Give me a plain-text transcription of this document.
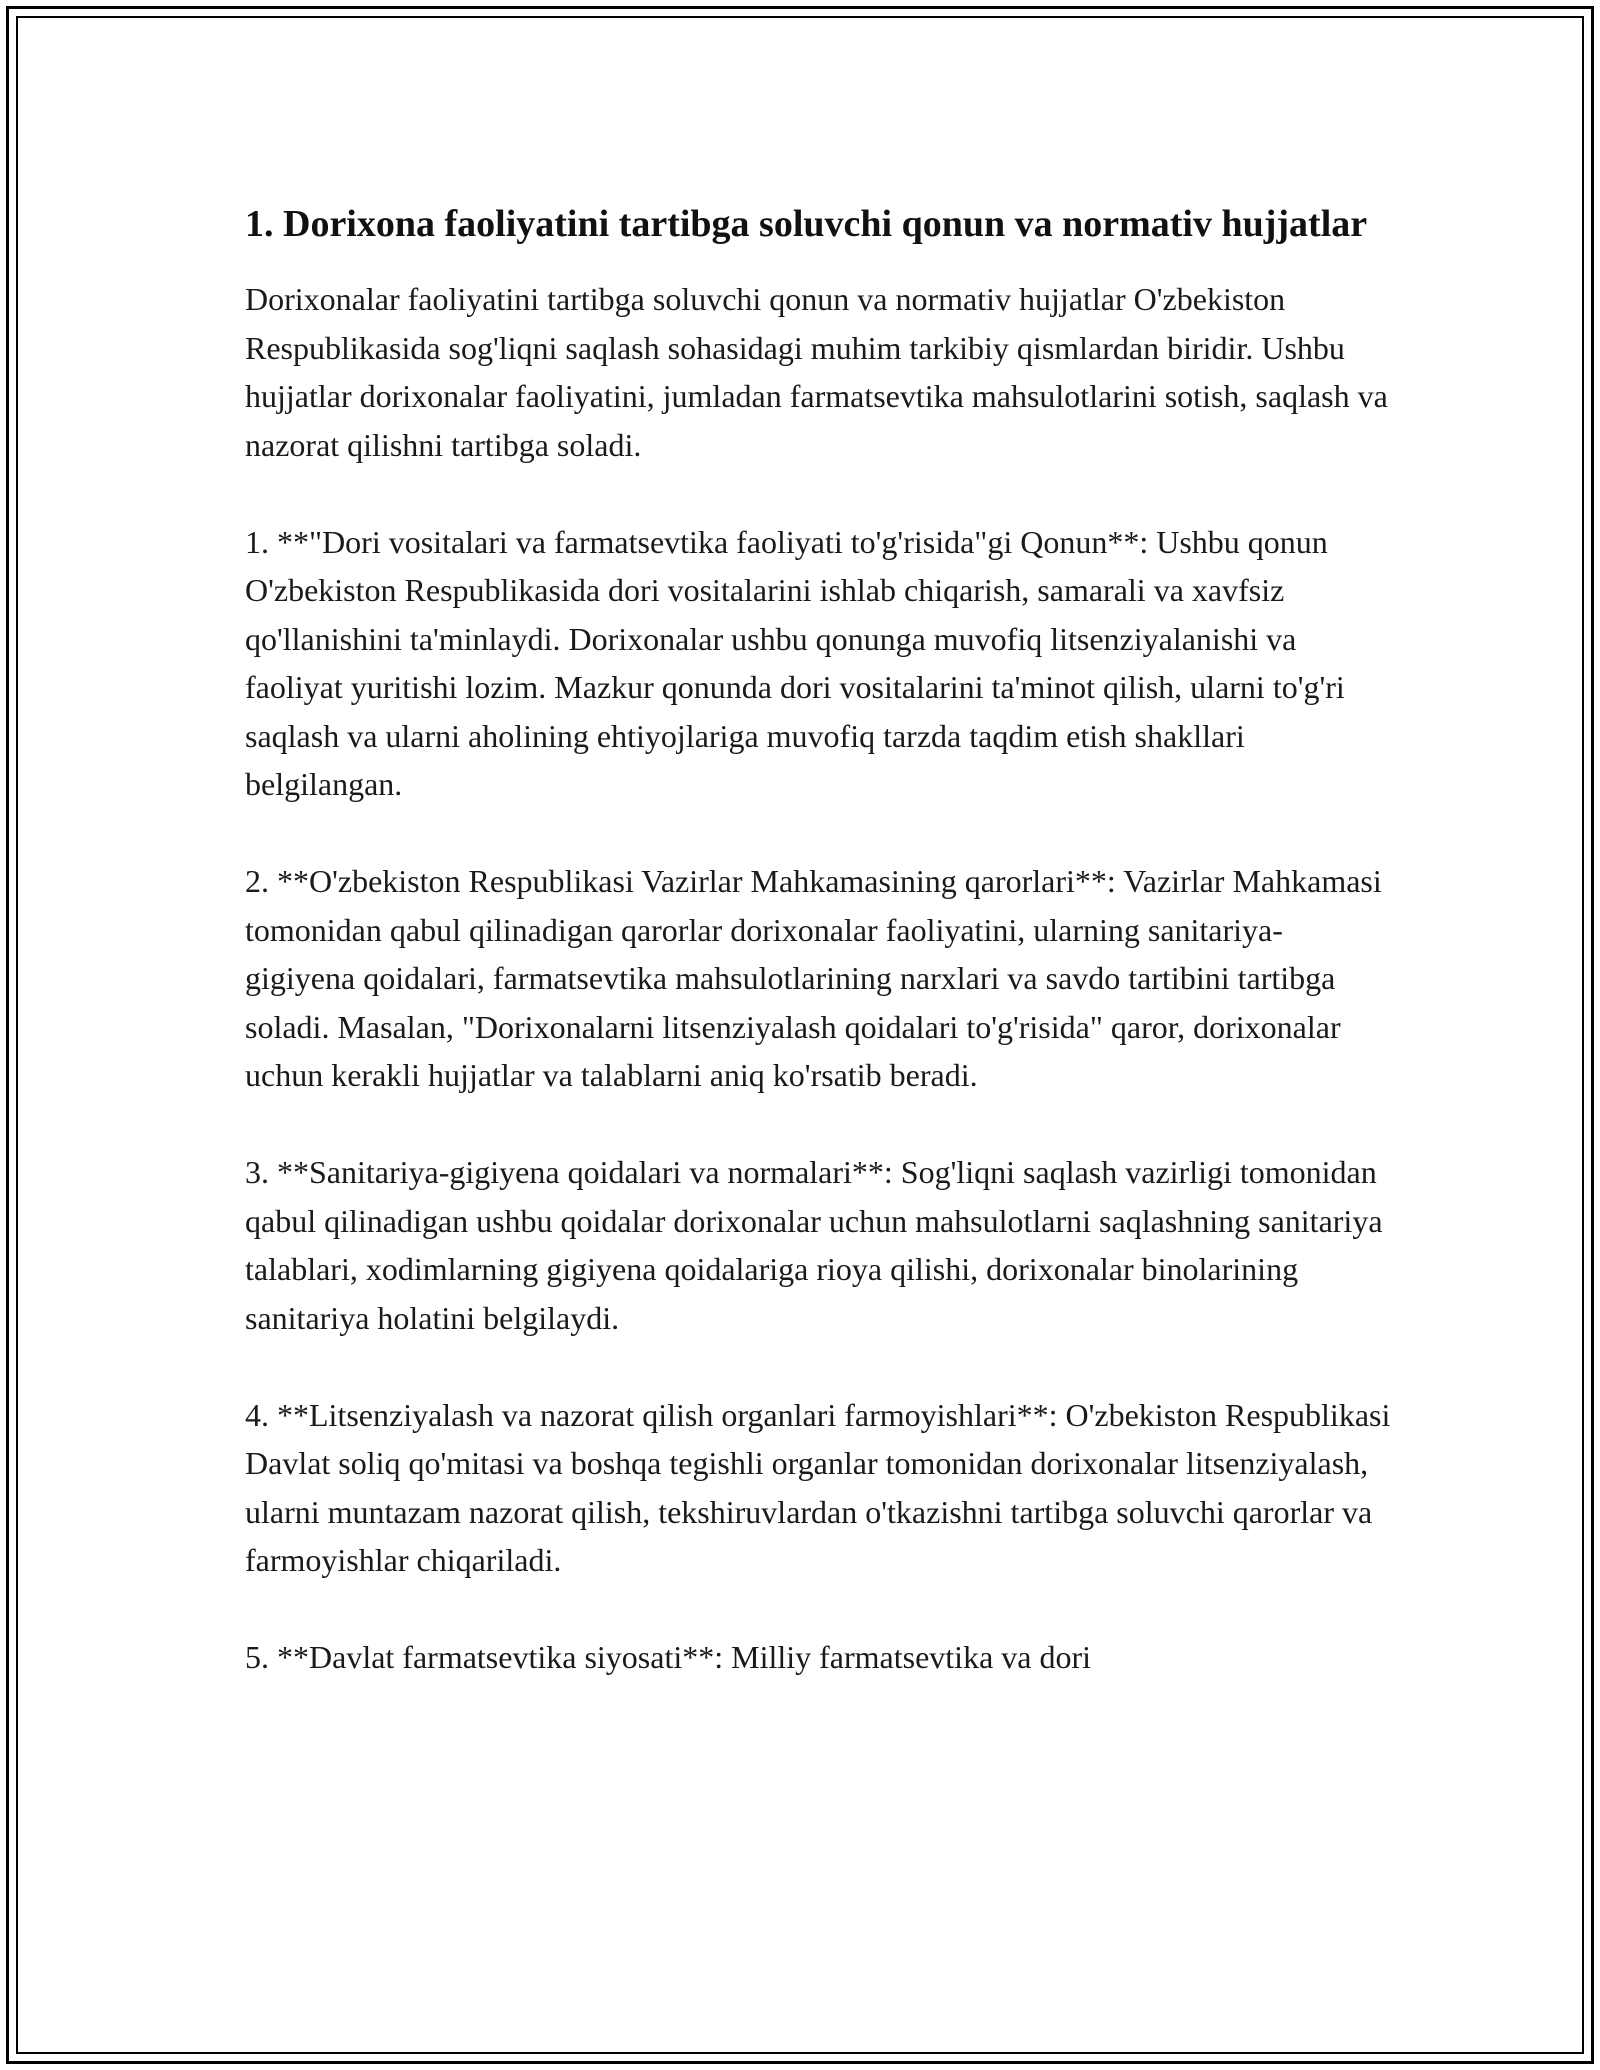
1. Dorixona faoliyatini tartibga soluvchi qonun va normativ hujjatlar

Dorixonalar faoliyatini tartibga soluvchi qonun va normativ hujjatlar O'zbekiston Respublikasida sog'liqni saqlash sohasidagi muhim tarkibiy qismlardan biridir. Ushbu hujjatlar dorixonalar faoliyatini, jumladan farmatsevtika mahsulotlarini sotish, saqlash va nazorat qilishni tartibga soladi.

1. **"Dori vositalari va farmatsevtika faoliyati to'g'risida"gi Qonun**: Ushbu qonun O'zbekiston Respublikasida dori vositalarini ishlab chiqarish, samarali va xavfsiz qo'llanishini ta'minlaydi. Dorixonalar ushbu qonunga muvofiq litsenziyalanishi va faoliyat yuritishi lozim. Mazkur qonunda dori vositalarini ta'minot qilish, ularni to'g'ri saqlash va ularni aholining ehtiyojlariga muvofiq tarzda taqdim etish shakllari belgilangan.

2. **O'zbekiston Respublikasi Vazirlar Mahkamasining qarorlari**: Vazirlar Mahkamasi tomonidan qabul qilinadigan qarorlar dorixonalar faoliyatini, ularning sanitariya-gigiyena qoidalari, farmatsevtika mahsulotlarining narxlari va savdo tartibini tartibga soladi. Masalan, "Dorixonalarni litsenziyalash qoidalari to'g'risida" qaror, dorixonalar uchun kerakli hujjatlar va talablarni aniq ko'rsatib beradi.

3. **Sanitariya-gigiyena qoidalari va normalari**: Sog'liqni saqlash vazirligi tomonidan qabul qilinadigan ushbu qoidalar dorixonalar uchun mahsulotlarni saqlashning sanitariya talablari, xodimlarning gigiyena qoidalariga rioya qilishi, dorixonalar binolarining sanitariya holatini belgilaydi.

4. **Litsenziyalash va nazorat qilish organlari farmoyishlari**: O'zbekiston Respublikasi Davlat soliq qo'mitasi va boshqa tegishli organlar tomonidan dorixonalar litsenziyalash, ularni muntazam nazorat qilish, tekshiruvlardan o'tkazishni tartibga soluvchi qarorlar va farmoyishlar chiqariladi.

5. **Davlat farmatsevtika siyosati**: Milliy farmatsevtika va dori
